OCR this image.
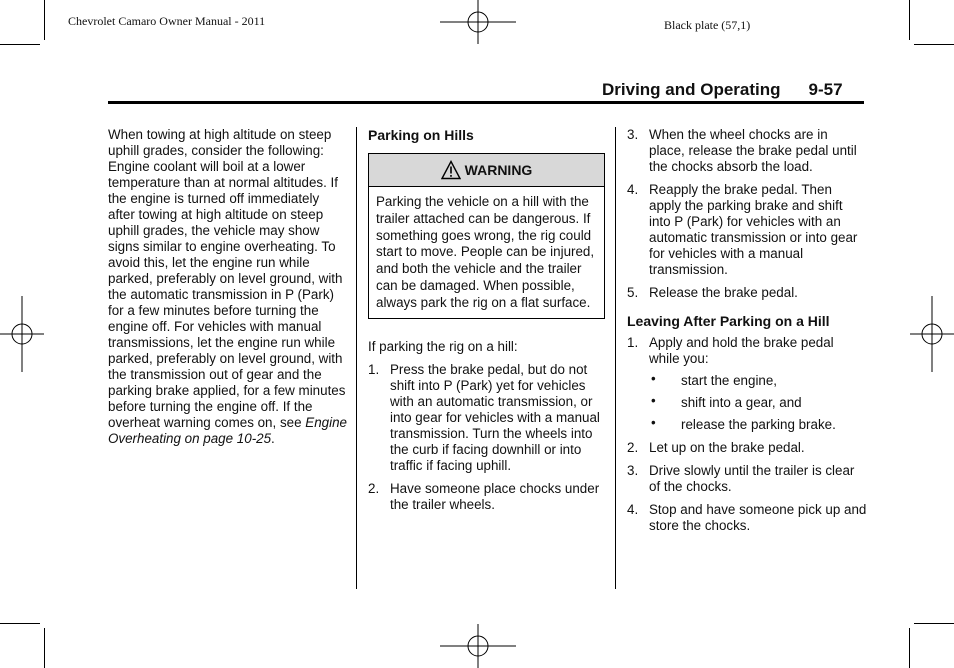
Chevrolet Camaro Owner Manual - 2011	Black plate (57,1)
Driving and Operating 9-57

When towing at high altitude on steep uphill grades, consider the following: Engine coolant will boil at a lower temperature than at normal altitudes. If the engine is turned off immediately after towing at high altitude on steep uphill grades, the vehicle may show signs similar to engine overheating. To avoid this, let the engine run while parked, preferably on level ground, with the automatic transmission in P (Park) for a few minutes before turning the engine off. For vehicles with manual transmissions, let the engine run while parked, preferably on level ground, with the transmission out of gear and the parking brake applied, for a few minutes before turning the engine off. If the overheat warning comes on, see Engine Overheating on page 10-25.

Parking on Hills
WARNING
Parking the vehicle on a hill with the trailer attached can be dangerous. If something goes wrong, the rig could start to move. People can be injured, and both the vehicle and the trailer can be damaged. When possible, always park the rig on a flat surface.

If parking the rig on a hill:

1. Press the brake pedal, but do not shift into P (Park) yet for vehicles with an automatic transmission, or into gear for vehicles with a manual transmission. Turn the wheels into the curb if facing downhill or into traffic if facing uphill.
2. Have someone place chocks under the trailer wheels.
3. When the wheel chocks are in place, release the brake pedal until the chocks absorb the load.
4. Reapply the brake pedal. Then apply the parking brake and shift into P (Park) for vehicles with an automatic transmission or into gear for vehicles with a manual transmission.
5. Release the brake pedal.
Leaving After Parking on a Hill
1. Apply and hold the brake pedal while you:
• start the engine,
• shift into a gear, and
• release the parking brake.
2. Let up on the brake pedal.
3. Drive slowly until the trailer is clear of the chocks.
4. Stop and have someone pick up and store the chocks.
